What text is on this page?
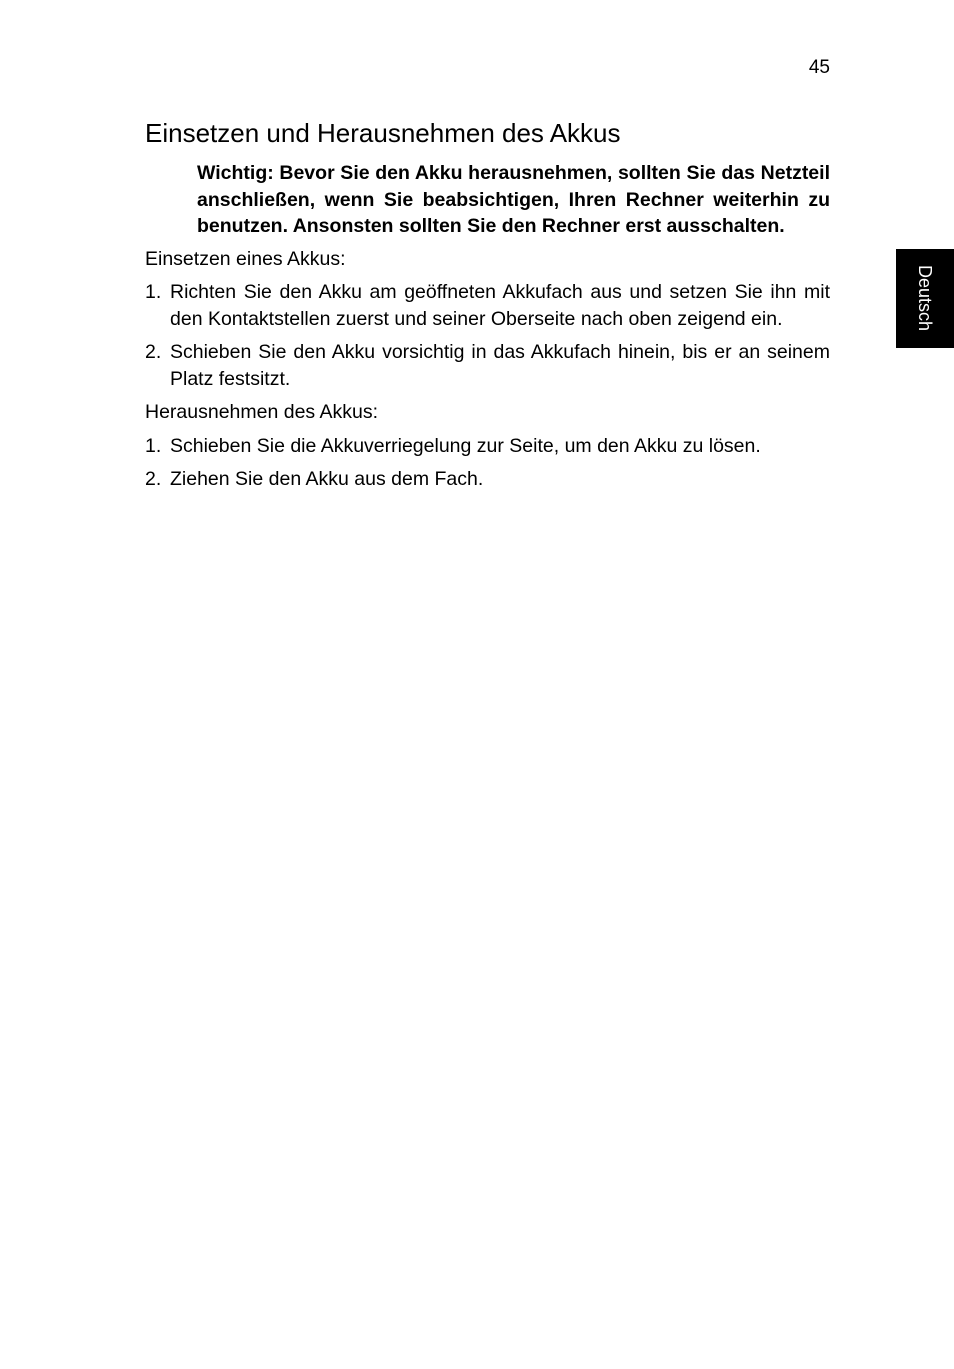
45
Deutsch
Einsetzen und Herausnehmen des Akkus

Wichtig: Bevor Sie den Akku herausnehmen, sollten Sie das Netzteil anschließen, wenn Sie beabsichtigen, Ihren Rechner weiterhin zu benutzen. Ansonsten sollten Sie den Rechner erst ausschalten.

Einsetzen eines Akkus:

1. Richten Sie den Akku am geöffneten Akkufach aus und setzen Sie ihn mit den Kontaktstellen zuerst und seiner Oberseite nach oben zeigend ein.
2. Schieben Sie den Akku vorsichtig in das Akkufach hinein, bis er an seinem Platz festsitzt.

Herausnehmen des Akkus:

1. Schieben Sie die Akkuverriegelung zur Seite, um den Akku zu lösen.
2. Ziehen Sie den Akku aus dem Fach.
